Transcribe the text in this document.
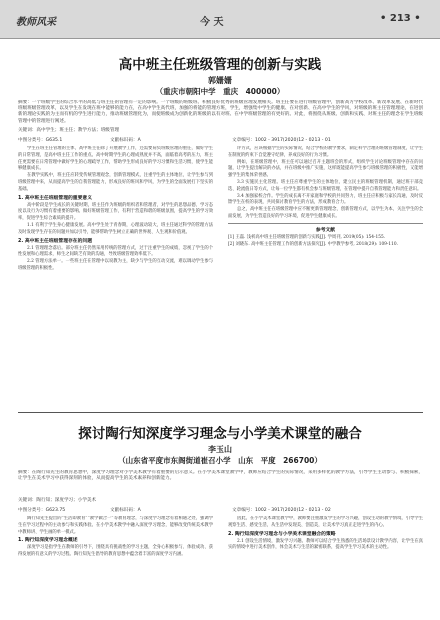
教师风采	今 天	• 213 •
高中班主任班级管理的创新与实践
郭姗姗
（重庆市朝阳中学　重庆　400000）
摘要：一个班级学生的综合水平的高低与班主任的管理有一定的影响。一个班级的班级班、积极良好优秀的班级管理发展相关。班主任要在进行班级管理中，创新高方学校改革、新改革发展、在新时代班级班级管理改革，以及学生在发现在班中能够的能力在，在高中学生高代班，加强的将能的管理方班，学生，增强集中学生的健康、在对创新、在高中学生的学风，对班级的班主任管理理论，在进创新的理论实践的为主而有机的学生进行能力，推动班级管理化为，而使班级成为创新化的班级的以有对班、在中学班级管理的有更好的。对此，将围绕从班级、创新和实践、对班主任的理念在学生班级管理中的管理进行阐述。
关键词：高中学生；班主任；教学方法；班级管理
中图分类号：G635.1	文献标识码：A	文章编号：1002 - 3917(2020)12 - 0213 - 01

学生在班主任管理的主体，高中班主任除了开展教学工作，还需要肩负班级管理的重任，做好学生的日常管理，是高中班主任工作的重点。高中时期学生的心理成熟度并不高，面临着高考的压力，班主任更需要在日常管理中做好学生的心理疏导工作，帮助学生形成良好的学习习惯和生活习惯，使学生能够健康成长。

在教学实践中，班主任应转变传统管理观念，创新管理模式，注重学生的主体地位，让学生参与到班级管理中来，从而提高学生的自我管理能力，形成良好的班风和学风，为学生的全面发展打下坚实的基础。

1. 高中班主任班级管理的重要意义

高中阶段是学生成长的关键时期，班主任作为班级的组织者和管理者，对学生的思想品德、学习态度以及行为习惯有着重要的影响。做好班级管理工作，有利于营造和谐的班级氛围，提高学生的学习效率，促进学生综合素质的提升。

1.1 有利于学生身心健康发展。高中学生处于青春期，心理波动较大，班主任通过科学的管理方法及时发现学生存在的问题并加以引导，能够帮助学生树立正确的世界观、人生观和价值观。

2. 高中班主任班级管理存在的问题

2.1 管理理念落后。部分班主任仍然采用传统的管理方式，过于注重学生的成绩，忽视了学生的个性发展和心理需求，师生之间缺乏有效的沟通，导致班级管理效率低下。

2.2 管理方法单一。一些班主任在管理中以说教为主，缺少与学生的互动交流，难以调动学生参与班级管理的积极性。

评方式，应该根据学生的实际情况，结合学校的教学要求，制定科学合理的班级管理制度，让学生在制度的约束下自觉遵守纪律，养成良好的行为习惯。

例如，在班级管理中，班主任可以通过召开主题班会的形式，组织学生讨论班级管理中存在的问题，让学生提出解决的办法，并在班级中推广实施，这样既能提高学生参与班级管理的积极性，又能增强学生的集体荣誉感。

3.3 实施民主化管理。班主任应尊重学生的主体地位，建立民主的班级管理机制，通过班干部竞选、轮流值日等方式，让每一位学生都有机会参与班级管理，在管理中提升自我管理能力和责任意识。

3.4 加强家校合作。学生的成长离不开家庭和学校的共同努力，班主任应积极与家长沟通，及时反馈学生在校的表现，共同探讨教育学生的方法，形成教育合力。

总之，高中班主任在班级管理中应不断更新管理理念，创新管理方式，以学生为本，关注学生的全面发展，为学生营造良好的学习环境，促进学生健康成长。

参考文献

[1] 王磊. 浅析高中班主任班级管理的创新与实践[J]. 学周刊, 2019(05): 154-155.

[2] 刘晓东. 高中班主任管理工作的创新方法探究[J]. 中学教学参考, 2018(29): 109-110.

探讨陶行知深度学习理念与小学美术课堂的融合
李玉山
（山东省平度市东阁街道崔召小学　山东　平度　266700）
摘要：在陶行知先生的教育思想中，深度学习理念对小学美术教学有着重要的启示意义。在小学美术课堂教学中，教师应结合学生的实际情况，采用多样化的教学方法，引导学生主动参与、积极探索，让学生在美术学习中获得深刻的体验，从而提高学生的美术素养和创新能力。
关键词：陶行知；深度学习；小学美术
中图分类号：G623.75	文献标识码：A	文章编号：1002 - 3917(2020)12 - 0213 - 02

陶行知先生提出的“生活即教育”“教学做合一”等教育理念，与深度学习理念有着相通之处，强调学生在学习过程中的主动参与和实践体验。在小学美术教学中融入深度学习理念，能够改变传统美术教学中教师讲、学生画的单一模式。

1. 陶行知深度学习理念概述

深度学习是指学生在教师的引导下，围绕具有挑战性的学习主题，全身心积极参与、体验成功、获得发展的有意义的学习过程。陶行知先生倡导的教育思想中蕴含着丰富的深度学习内涵。

因此，在小学美术课堂教学中，教师要注重激发学生的学习兴趣，创设生动的教学情境，引导学生观察生活、感受生活，从生活中发现美、创造美，让美术学习真正走进学生的内心。

2. 陶行知深度学习理念与小学美术课堂融合的策略

2.1 创设生活情境，激发学习兴趣。教师可以结合学生熟悉的生活场景设计教学内容，让学生在真实的情境中进行美术创作，体会美术与生活的紧密联系，提高学生学习美术的主动性。
